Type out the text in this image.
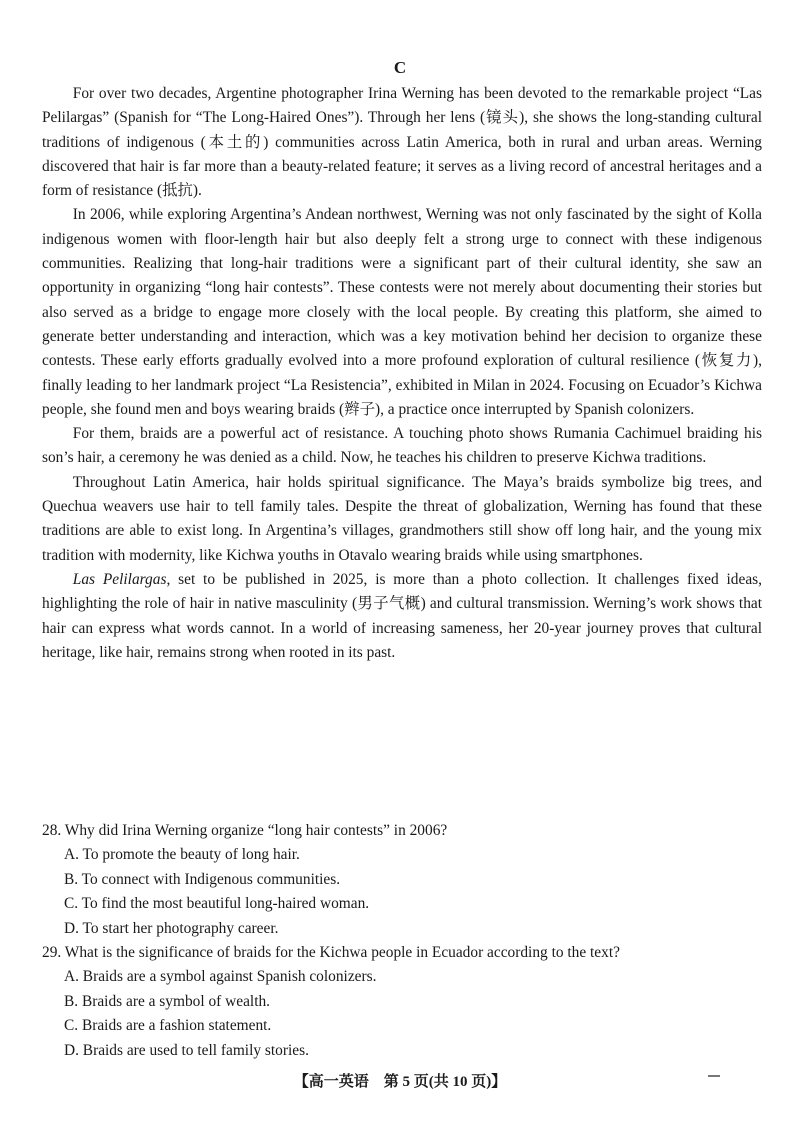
C

For over two decades, Argentine photographer Irina Werning has been devoted to the remarkable project “Las Pelilargas” (Spanish for “The Long-Haired Ones”). Through her lens (镜头), she shows the long-standing cultural traditions of indigenous (本土的) communities across Latin America, both in rural and urban areas. Werning discovered that hair is far more than a beauty-related feature; it serves as a living record of ancestral heritages and a form of resistance (抵抗).

In 2006, while exploring Argentina’s Andean northwest, Werning was not only fascinated by the sight of Kolla indigenous women with floor-length hair but also deeply felt a strong urge to connect with these indigenous communities. Realizing that long-hair traditions were a significant part of their cultural identity, she saw an opportunity in organizing “long hair contests”. These contests were not merely about documenting their stories but also served as a bridge to engage more closely with the local people. By creating this platform, she aimed to generate better understanding and interaction, which was a key motivation behind her decision to organize these contests. These early efforts gradually evolved into a more profound exploration of cultural resilience (恢复力), finally leading to her landmark project “La Resistencia”, exhibited in Milan in 2024. Focusing on Ecuador’s Kichwa people, she found men and boys wearing braids (辫子), a practice once interrupted by Spanish colonizers.

For them, braids are a powerful act of resistance. A touching photo shows Rumania Cachimuel braiding his son’s hair, a ceremony he was denied as a child. Now, he teaches his children to preserve Kichwa traditions.

Throughout Latin America, hair holds spiritual significance. The Maya’s braids symbolize big trees, and Quechua weavers use hair to tell family tales. Despite the threat of globalization, Werning has found that these traditions are able to exist long. In Argentina’s villages, grandmothers still show off long hair, and the young mix tradition with modernity, like Kichwa youths in Otavalo wearing braids while using smartphones.

Las Pelilargas, set to be published in 2025, is more than a photo collection. It challenges fixed ideas, highlighting the role of hair in native masculinity (男子气概) and cultural transmission. Werning’s work shows that hair can express what words cannot. In a world of increasing sameness, her 20-year journey proves that cultural heritage, like hair, remains strong when rooted in its past.

28. Why did Irina Werning organize “long hair contests” in 2006?

A. To promote the beauty of long hair.

B. To connect with Indigenous communities.

C. To find the most beautiful long-haired woman.

D. To start her photography career.

29. What is the significance of braids for the Kichwa people in Ecuador according to the text?

A. Braids are a symbol against Spanish colonizers.

B. Braids are a symbol of wealth.

C. Braids are a fashion statement.

D. Braids are used to tell family stories.

【高一英语　第 5 页(共 10 页)】
